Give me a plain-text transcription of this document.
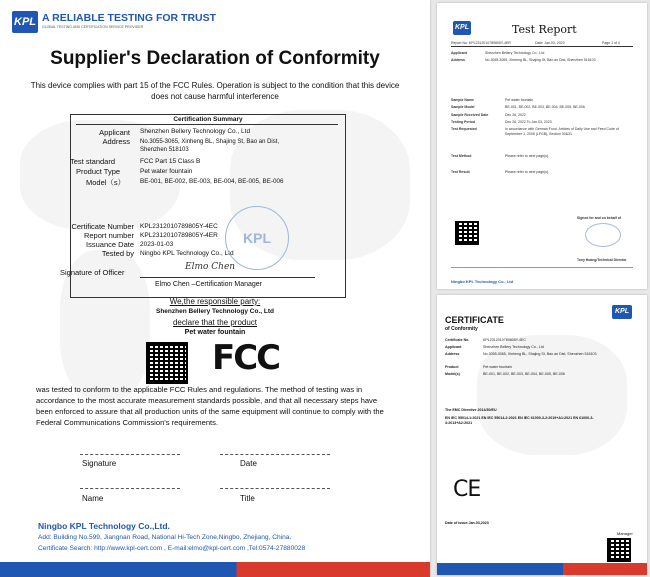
KPL A RELIABLE TESTING FOR TRUST
GLOBAL TESTING AND CERTIFICATION SERVICE PROVIDER
Supplier's Declaration of Conformity
This device complies with part 15 of the FCC Rules. Operation is subject to the condition that this device does not cause harmful interference
Certification Summary
Applicant Shenzhen Bellery Technology Co., Ltd
Address No.3055-3065, Xinheng BL, Shajing St, Bao an Dist,
Shenzhen 518103
Test standard	FCC Part 15 Class B
Product Type	Pet water fountain
Model（s） BE-001, BE-002, BE-003, BE-004, BE-005, BE-006
Certificate Number KPL2312010789805Y-4EC
Report number KPL2312010789805Y-4ER
Issuance Date 2023-01-03
Tested by Ningbo KPL Technology Co., Ltd
KPL
Signature of Officer
Elmo Chen
Elmo Chen –Certification Manager
We,the responsible party:
Shenzhen Bellery Technology Co., Ltd
declare that the product
Pet water fountain
FCC
was tested to conform to the applicable FCC Rules and regulations. The method of testing was in accordance to the most accurate measurement standards possible, and that all necessary steps have been enforced to assure that all production units of the same equipment will continue to comply with the Federal Communications Commission's requirements.
Signature	Date
Name	Title
Ningbo KPL Technology Co.,Ltd.
Add: Building No.599, Jiangnan Road, National Hi-Tech Zone,Ningbo, Zhejiang, China.
Certificate Search: http://www.kpl-cert.com , E-mail:elmo@kpl-cert.com ,Tel:0574-27880028
KPL	Test Report
Report No: KPL2312010789805Y-4ER	Date: Jan.03, 2023	Page 1 of 4
Applicant	Shenzhen Bellery Technology Co., Ltd
Address	No.3055-3065, Xinheng BL, Shajing St, Bao an Dist, Shenzhen 518103
Sample Name	Pet water fountain
Sample Model	BE-001, BE-002, BE-003, BE-004, BE-005, BE-006
Sample Received Date	Dec 26, 2022
Testing Period	Dec 26, 2022 To Jan.03, 2023
Test Requested	In accordance with German Food, Articles of Daily Use and Feed Code of September 1, 2005 (LFGB), Section 30&31.
Test Method	Please refer to next page(s).
Test Result	Please refer to next page(s).
Signed for and on behalf of
Tony Huang/Technical Director
Ningbo KPL Technology Co., Ltd
KPL
CERTIFICATE
of Conformity
Certificate No.	KPL2312010789805Y-4EC
Applicant	Shenzhen Bellery Technology Co., Ltd
Address	No.3055-3065, Xinheng BL, Shajing St, Bao an Dist, Shenzhen 518103
Product	Pet water fountain
Model(s)	BE-001, BE-002, BE-003, BE-004, BE-005, BE-006
The EMC Directive 2014/30/EU
EN IEC 55014-1:2021 EN IEC 55014-2:2021 EN IEC 61000-3-2:2019+A1:2021 EN 61000-3-3:2013+A2:2021
CE
Date of issue:Jan.03,2023
Manager
